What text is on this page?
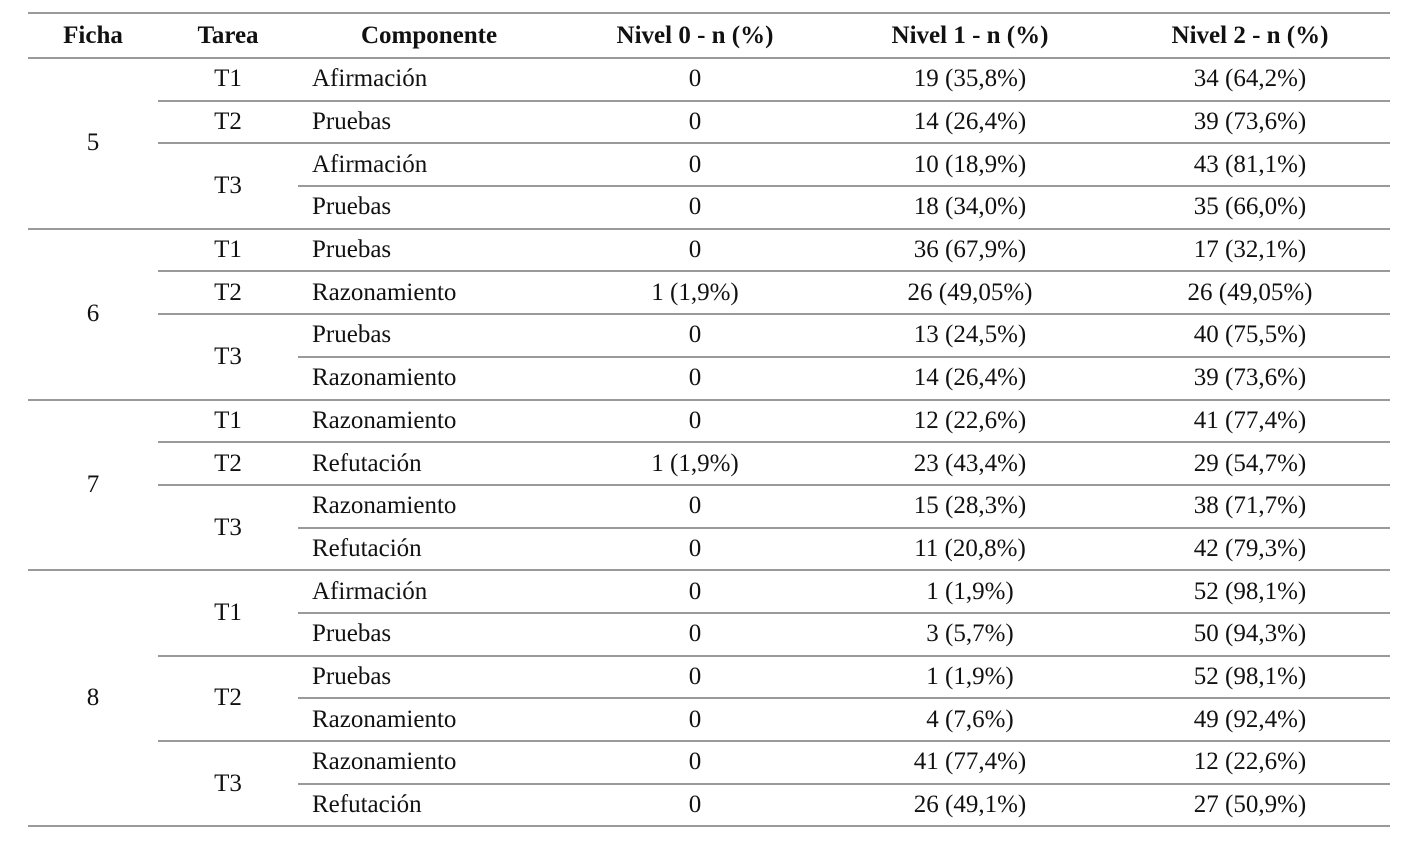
Ficha	Tarea	Componente	Nivel 0 - n (%)	Nivel 1 - n (%)	Nivel 2 - n (%)
5
T1	Afirmación	0	19 (35,8%)	34 (64,2%)
T2	Pruebas	0	14 (26,4%)	39 (73,6%)
T3
Afirmación	0	10 (18,9%)	43 (81,1%)
Pruebas	0	18 (34,0%)	35 (66,0%)
6
T1	Pruebas	0	36 (67,9%)	17 (32,1%)
T2	Razonamiento	1 (1,9%)	26 (49,05%)	26 (49,05%)
T3
Pruebas	0	13 (24,5%)	40 (75,5%)
Razonamiento	0	14 (26,4%)	39 (73,6%)
7
T1	Razonamiento	0	12 (22,6%)	41 (77,4%)
T2	Refutación	1 (1,9%)	23 (43,4%)	29 (54,7%)
T3
Razonamiento	0	15 (28,3%)	38 (71,7%)
Refutación	0	11 (20,8%)	42 (79,3%)
8
T1
Afirmación	0	1 (1,9%)	52 (98,1%)
Pruebas	0	3 (5,7%)	50 (94,3%)
T2
Pruebas	0	1 (1,9%)	52 (98,1%)
Razonamiento	0	4 (7,6%)	49 (92,4%)
T3
Razonamiento	0	41 (77,4%)	12 (22,6%)
Refutación	0	26 (49,1%)	27 (50,9%)
